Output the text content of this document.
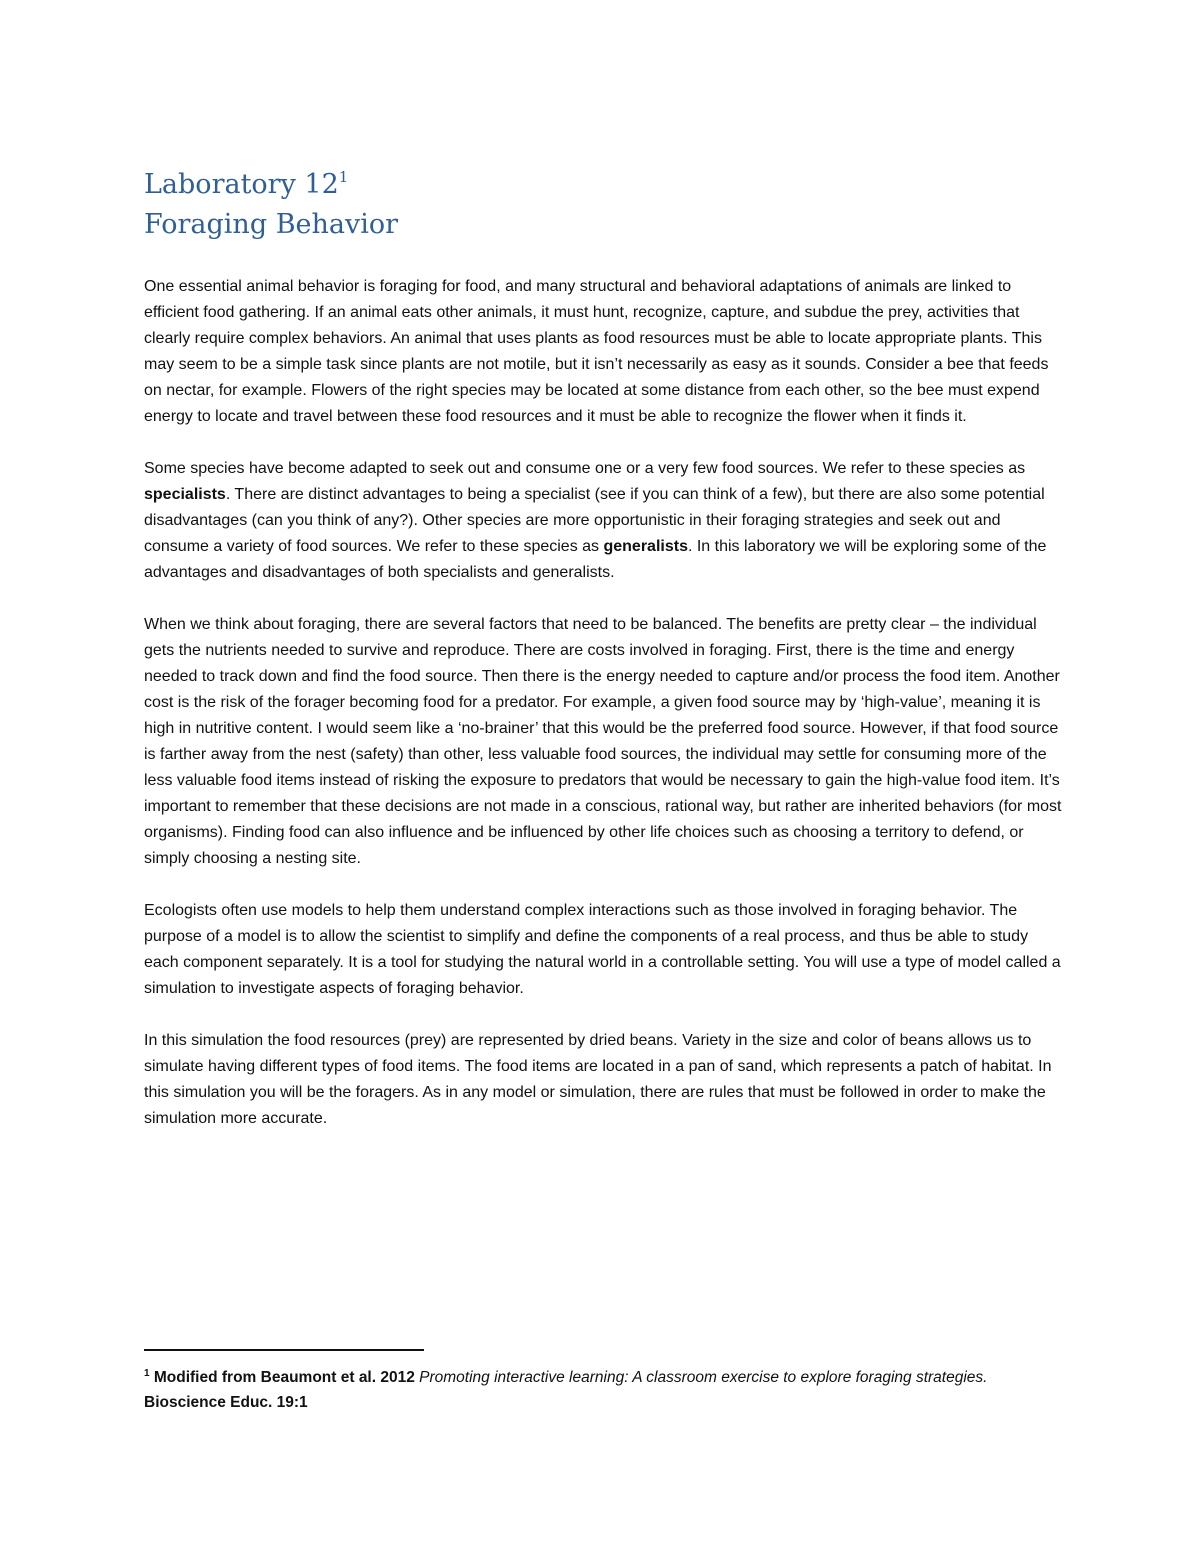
Laboratory $12^1$
Foraging Behavior

One essential animal behavior is foraging for food, and many structural and behavioral adaptations of animals are linked to efficient food gathering. If an animal eats other animals, it must hunt, recognize, capture, and subdue the prey, activities that clearly require complex behaviors. An animal that uses plants as food resources must be able to locate appropriate plants. This may seem to be a simple task since plants are not motile, but it isn’t necessarily as easy as it sounds. Consider a bee that feeds on nectar, for example. Flowers of the right species may be located at some distance from each other, so the bee must expend energy to locate and travel between these food resources and it must be able to recognize the flower when it finds it.

Some species have become adapted to seek out and consume one or a very few food sources. We refer to these species as specialists. There are distinct advantages to being a specialist (see if you can think of a few), but there are also some potential disadvantages (can you think of any?). Other species are more opportunistic in their foraging strategies and seek out and consume a variety of food sources. We refer to these species as generalists. In this laboratory we will be exploring some of the advantages and disadvantages of both specialists and generalists.

When we think about foraging, there are several factors that need to be balanced. The benefits are pretty clear – the individual gets the nutrients needed to survive and reproduce. There are costs involved in foraging. First, there is the time and energy needed to track down and find the food source. Then there is the energy needed to capture and/or process the food item. Another cost is the risk of the forager becoming food for a predator. For example, a given food source may by ‘high-value’, meaning it is high in nutritive content. I would seem like a ‘no-brainer’ that this would be the preferred food source. However, if that food source is farther away from the nest (safety) than other, less valuable food sources, the individual may settle for consuming more of the less valuable food items instead of risking the exposure to predators that would be necessary to gain the high-value food item. It’s important to remember that these decisions are not made in a conscious, rational way, but rather are inherited behaviors (for most organisms). Finding food can also influence and be influenced by other life choices such as choosing a territory to defend, or simply choosing a nesting site.

Ecologists often use models to help them understand complex interactions such as those involved in foraging behavior. The purpose of a model is to allow the scientist to simplify and define the components of a real process, and thus be able to study each component separately. It is a tool for studying the natural world in a controllable setting. You will use a type of model called a simulation to investigate aspects of foraging behavior.

In this simulation the food resources (prey) are represented by dried beans. Variety in the size and color of beans allows us to simulate having different types of food items. The food items are located in a pan of sand, which represents a patch of habitat. In this simulation you will be the foragers. As in any model or simulation, there are rules that must be followed in order to make the simulation more accurate.

$^1$ Modified from Beaumont et al. 2012 Promoting interactive learning: A classroom exercise to explore foraging strategies. Bioscience Educ. 19:1
